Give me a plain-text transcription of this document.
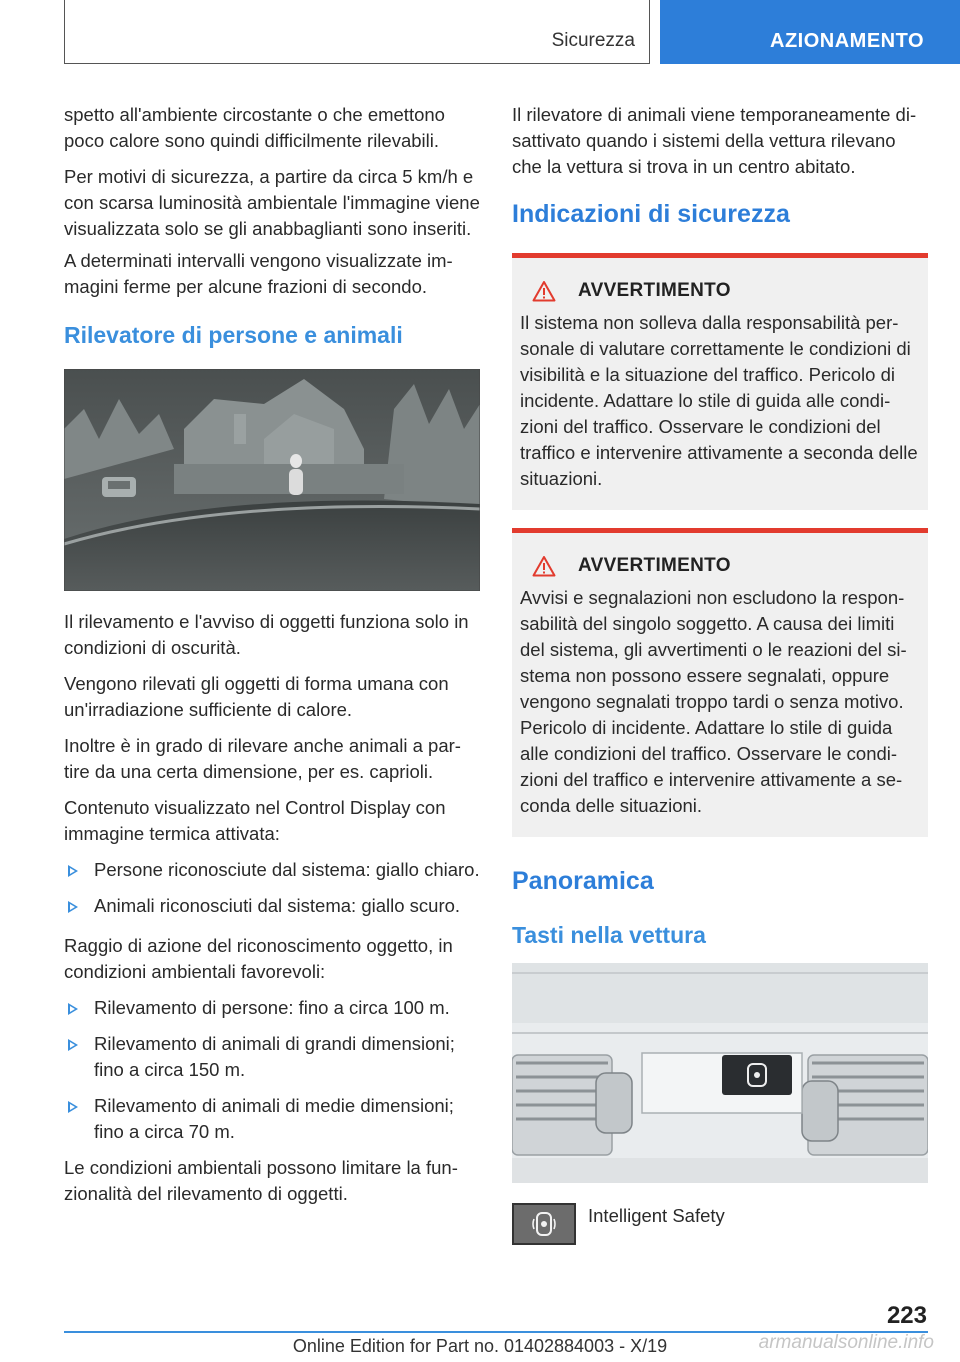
Sicurezza	AZIONAMENTO

spetto all'ambiente circostante o che emettono poco calore sono quindi difficilmente rilevabili.

Per motivi di sicurezza, a partire da circa 5 km/h e con scarsa luminosità ambientale l'immagine viene visualizzata solo se gli anabbaglianti sono inseriti.

A determinati intervalli vengono visualizzate immagini ferme per alcune frazioni di secondo.

Rilevatore di persone e animali

Il rilevamento e l'avviso di oggetti funziona solo in condizioni di oscurità.

Vengono rilevati gli oggetti di forma umana con un'irradiazione sufficiente di calore.

Inoltre è in grado di rilevare anche animali a partire da una certa dimensione, per es. caprioli.

Contenuto visualizzato nel Control Display con immagine termica attivata:

Persone riconosciute dal sistema: giallo chiaro.
Animali riconosciuti dal sistema: giallo scuro.

Raggio di azione del riconoscimento oggetto, in condizioni ambientali favorevoli:

Rilevamento di persone: fino a circa 100 m.
Rilevamento di animali di grandi dimensioni; fino a circa 150 m.
Rilevamento di animali di medie dimensioni; fino a circa 70 m.

Le condizioni ambientali possono limitare la funzionalità del rilevamento di oggetti.

Il rilevatore di animali viene temporaneamente disattivato quando i sistemi della vettura rilevano che la vettura si trova in un centro abitato.

Indicazioni di sicurezza
AVVERTIMENTO

Il sistema non solleva dalla responsabilità personale di valutare correttamente le condizioni di visibilità e la situazione del traffico. Pericolo di incidente. Adattare lo stile di guida alle condizioni del traffico. Osservare le condizioni del traffico e intervenire attivamente a seconda delle situazioni.

AVVERTIMENTO

Avvisi e segnalazioni non escludono la responsabilità del singolo soggetto. A causa dei limiti del sistema, gli avvertimenti o le reazioni del sistema non possono essere segnalati, oppure vengono segnalati troppo tardi o senza motivo. Pericolo di incidente. Adattare lo stile di guida alle condizioni del traffico. Osservare le condizioni del traffico e intervenire attivamente a seconda delle situazioni.

Panoramica
Tasti nella vettura
Intelligent Safety
223
Online Edition for Part no. 01402884003 - X/19	armanualsonline.info
